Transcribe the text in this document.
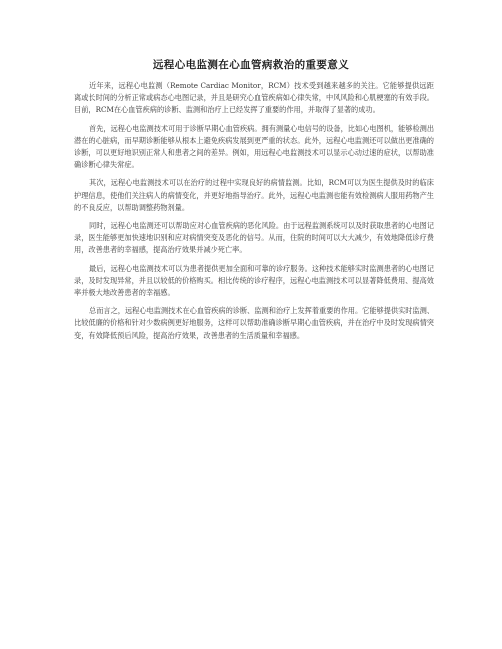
远程心电监测在心血管病救治的重要意义

近年来，远程心电监测（Remote Cardiac Monitor，RCM）技术受到越来越多的关注。它能够提供远距离或长时间的分析正常或病态心电图记录，并且是研究心血管疾病如心律失常，中风风险和心肌梗塞的有效手段。目前，RCM在心血管疾病的诊断、监测和治疗上已经发挥了重要的作用，并取得了显著的成功。

首先，远程心电监测技术可用于诊断早期心血管疾病。拥有测量心电信号的设备，比如心电图机，能够检测出潜在的心脏病，而早期诊断能够从根本上避免疾病发展到更严重的状态。此外，远程心电监测还可以做出更准确的诊断，可以更好地识别正常人和患者之间的差异。例如，用远程心电监测技术可以显示心动过速的症状，以帮助准确诊断心律失常症。

其次，远程心电监测技术可以在治疗的过程中实现良好的病情监测。比如，RCM可以为医生提供及时的临床护理信息，使他们关注病人的病情变化，并更好地指导治疗。此外，远程心电监测也能有效检测病人服用药物产生的不良反应，以帮助调整药物剂量。

同时，远程心电监测还可以帮助应对心血管疾病的恶化风险。由于远程监测系统可以及时获取患者的心电图记录，医生能够更加快速地识别和应对病情突变及恶化的信号。从而，住院的时间可以大大减少，有效地降低诊疗费用，改善患者的幸福感，提高治疗效果并减少死亡率。

最后，远程心电监测技术可以为患者提供更加全面和可靠的诊疗服务。这种技术能够实时监测患者的心电图记录，及时发现异常，并且以较低的价格购买。相比传统的诊疗程序，远程心电监测技术可以显著降低费用、提高效率并极大地改善患者的幸福感。

总而言之，远程心电监测技术在心血管疾病的诊断、监测和治疗上发挥着重要的作用。它能够提供实时监测、比较低廉的价格和针对少数病例更好地服务，这样可以帮助准确诊断早期心血管疾病，并在治疗中及时发现病情突变，有效降低预后风险，提高治疗效果，改善患者的生活质量和幸福感。
